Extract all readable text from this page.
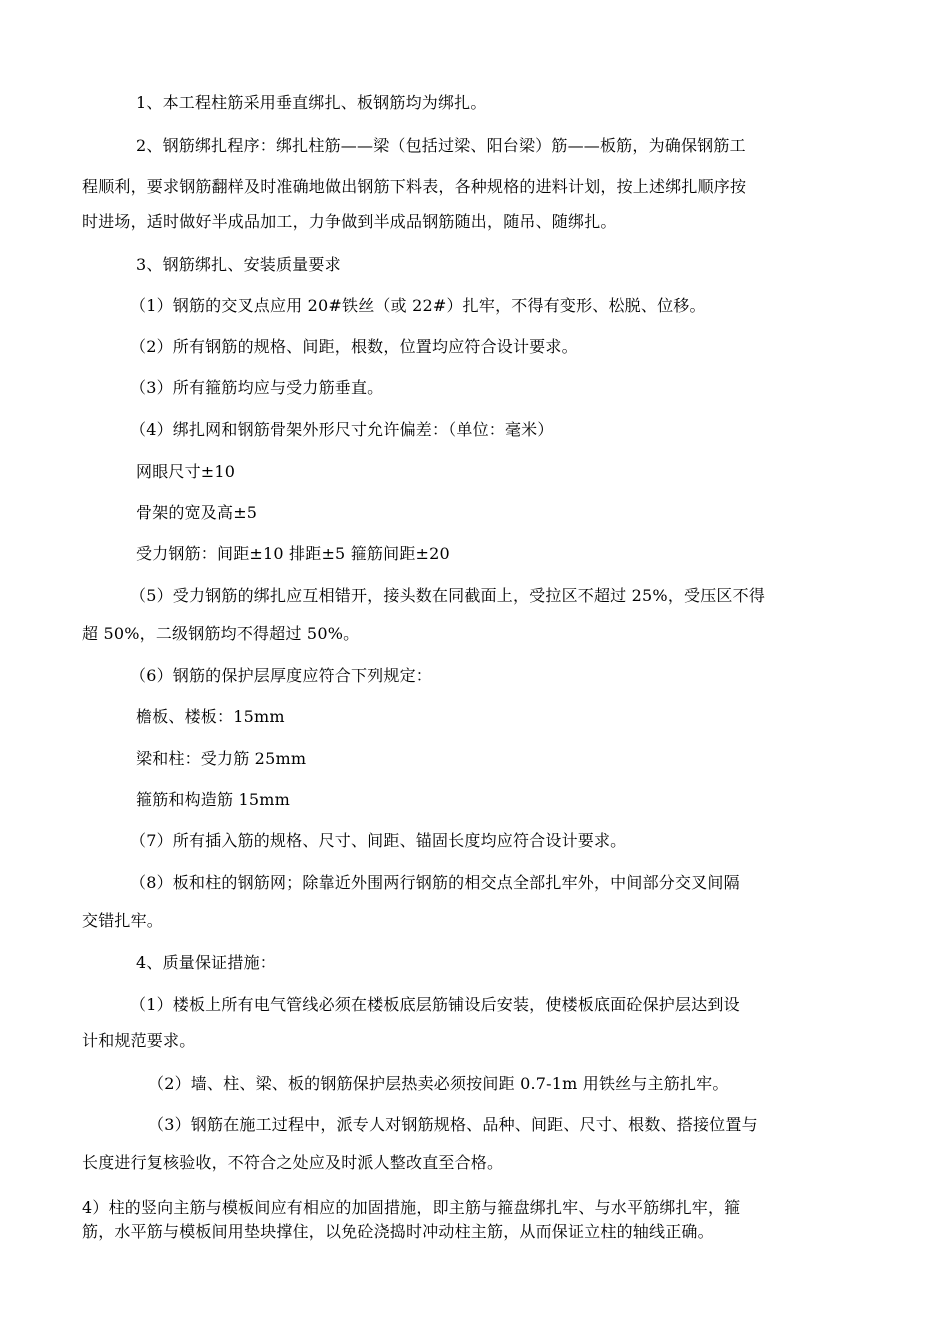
1、本工程柱筋采用垂直绑扎、板钢筋均为绑扎。
2、钢筋绑扎程序：绑扎柱筋——梁（包括过梁、阳台梁）筋——板筋，为确保钢筋工
程顺利，要求钢筋翻样及时准确地做出钢筋下料表，各种规格的进料计划，按上述绑扎顺序按
时进场，适时做好半成品加工，力争做到半成品钢筋随出，随吊、随绑扎。
3、钢筋绑扎、安装质量要求
（1）钢筋的交叉点应用 20#铁丝（或 22#）扎牢，不得有变形、松脱、位移。
（2）所有钢筋的规格、间距，根数，位置均应符合设计要求。
（3）所有箍筋均应与受力筋垂直。
（4）绑扎网和钢筋骨架外形尺寸允许偏差：（单位：毫米）
网眼尺寸±10
骨架的宽及高±5
受力钢筋：间距±10 排距±5 箍筋间距±20
（5）受力钢筋的绑扎应互相错开，接头数在同截面上，受拉区不超过 25%，受压区不得
超 50%，二级钢筋均不得超过 50%。
（6）钢筋的保护层厚度应符合下列规定：
檐板、楼板：15mm
梁和柱：受力筋 25mm
箍筋和构造筋 15mm
（7）所有插入筋的规格、尺寸、间距、锚固长度均应符合设计要求。
（8）板和柱的钢筋网；除靠近外围两行钢筋的相交点全部扎牢外，中间部分交叉间隔
交错扎牢。
4、质量保证措施：
（1）楼板上所有电气管线必须在楼板底层筋铺设后安装，使楼板底面砼保护层达到设
计和规范要求。
（2）墙、柱、梁、板的钢筋保护层热卖必须按间距 0.7-1m 用铁丝与主筋扎牢。
（3）钢筋在施工过程中，派专人对钢筋规格、品种、间距、尺寸、根数、搭接位置与
长度进行复核验收，不符合之处应及时派人整改直至合格。
4）柱的竖向主筋与模板间应有相应的加固措施，即主筋与箍盘绑扎牢、与水平筋绑扎牢，箍
筋，水平筋与模板间用垫块撑住，以免砼浇捣时冲动柱主筋，从而保证立柱的轴线正确。
